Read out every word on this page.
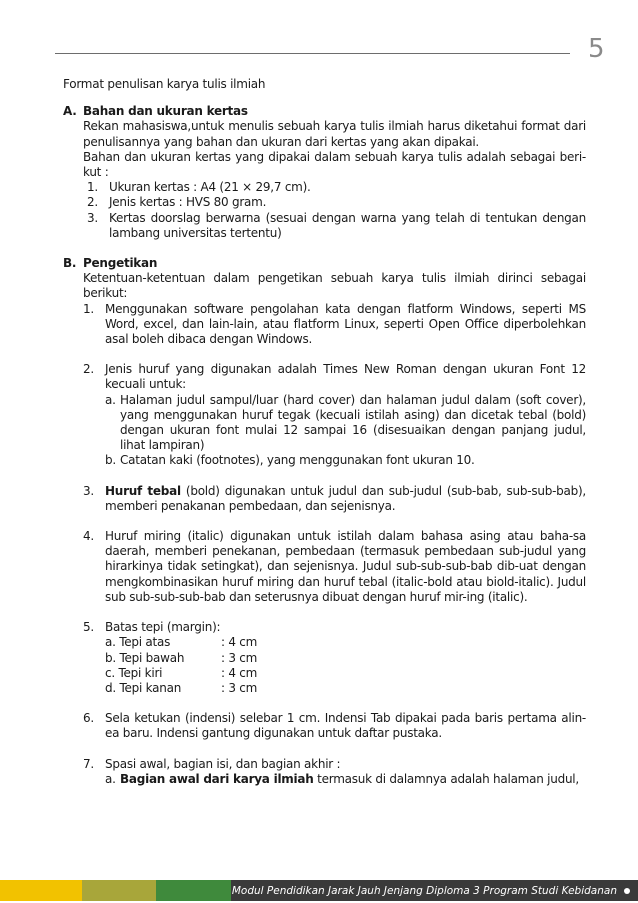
5

Format penulisan karya tulis ilmiah

A. Bahan dan ukuran kertas

Rekan mahasiswa,untuk menulis sebuah karya tulis ilmiah harus diketahui format dari penulisannya yang bahan dan ukuran dari kertas yang akan dipakai.

Bahan dan ukuran kertas yang dipakai dalam sebuah karya tulis adalah sebagai beri-kut :

1. Ukuran kertas : A4 (21 × 29,7 cm).
2. Jenis kertas : HVS 80 gram.
3. Kertas doorslag berwarna (sesuai dengan warna yang telah di tentukan dengan lambang universitas tertentu)
B. Pengetikan

Ketentuan-ketentuan dalam pengetikan sebuah karya tulis ilmiah dirinci sebagai berikut:

1. Menggunakan software pengolahan kata dengan flatform Windows, seperti MS Word, excel, dan lain-lain, atau flatform Linux, seperti Open Office diperbolehkan asal boleh dibaca dengan Windows.
2. Jenis huruf yang digunakan adalah Times New Roman dengan ukuran Font 12 kecuali untuk:
a. Halaman judul sampul/luar (hard cover) dan halaman judul dalam (soft cover), yang menggunakan huruf tegak (kecuali istilah asing) dan dicetak tebal (bold) dengan ukuran font mulai 12 sampai 16 (disesuaikan dengan panjang judul, lihat lampiran)
b. Catatan kaki (footnotes), yang menggunakan font ukuran 10.
3. Huruf tebal (bold) digunakan untuk judul dan sub-judul (sub-bab, sub-sub-bab), memberi penakanan pembedaan, dan sejenisnya.
4. Huruf miring (italic) digunakan untuk istilah dalam bahasa asing atau baha-sa daerah, memberi penekanan, pembedaan (termasuk pembedaan sub-judul yang hirarkinya tidak setingkat), dan sejenisnya. Judul sub-sub-sub-bab dib-uat dengan mengkombinasikan huruf miring dan huruf tebal (italic-bold atau biold-italic). Judul sub sub-sub-sub-bab dan seterusnya dibuat dengan huruf mir-ing (italic).
5. Batas tepi (margin):
a. Tepi atas	: 4 cm
b. Tepi bawah	: 3 cm
c. Tepi kiri	: 4 cm
d. Tepi kanan	: 3 cm
6. Sela ketukan (indensi) selebar 1 cm. Indensi Tab dipakai pada baris pertama alin-ea baru. Indensi gantung digunakan untuk daftar pustaka.
7. Spasi awal, bagian isi, dan bagian akhir :
a. Bagian awal dari karya ilmiah termasuk di dalamnya adalah halaman judul,
Modul Pendidikan Jarak Jauh Jenjang Diploma 3 Program Studi Kebidanan
